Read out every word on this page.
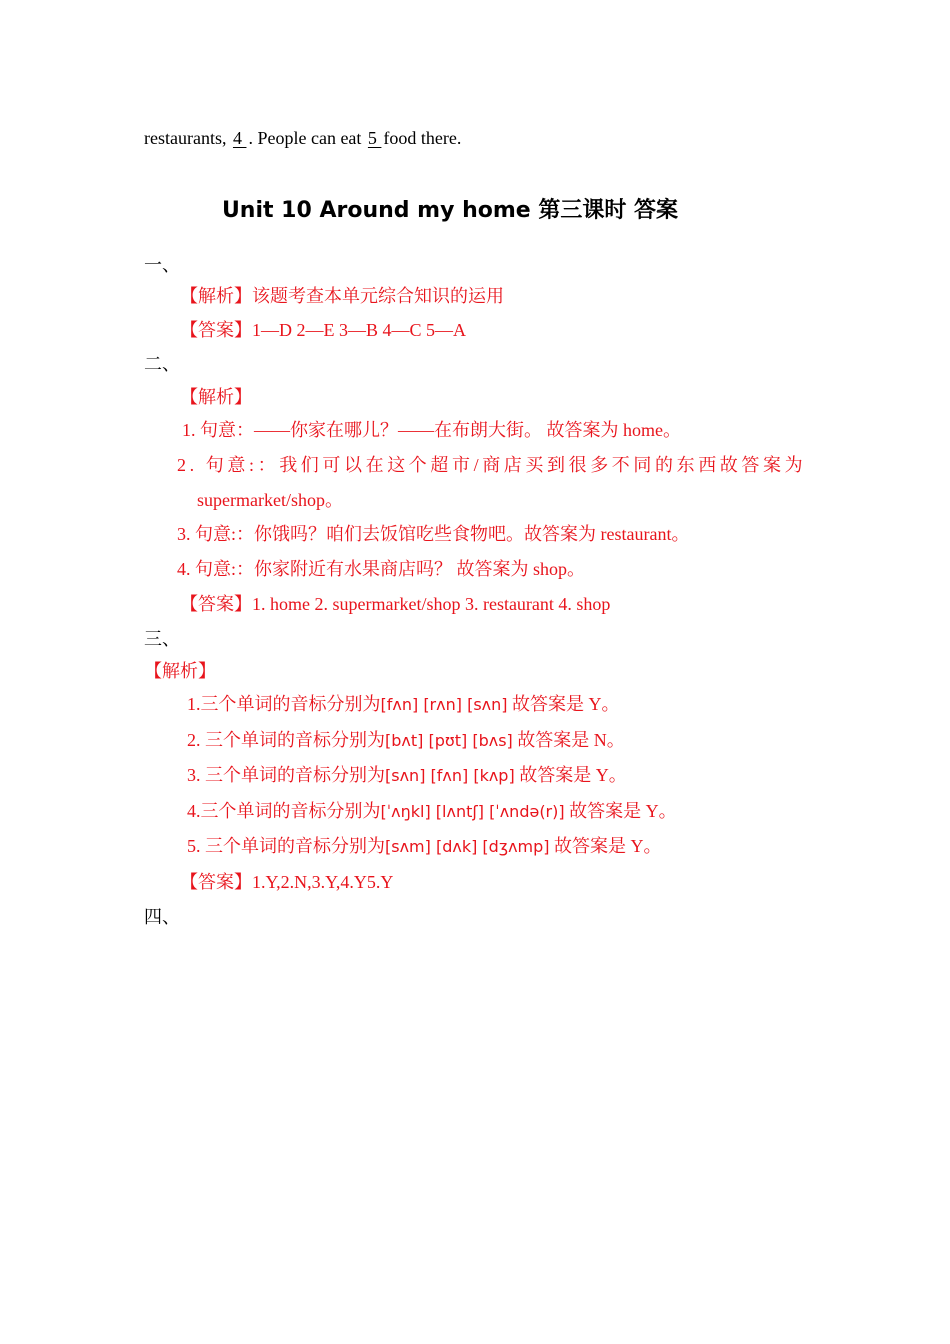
restaurants, 4 . People can eat 5 food there.
Unit 10 Around my home 第三课时 答案
一、
【解析】该题考查本单元综合知识的运用
【答案】1—D 2—E 3—B 4—C 5—A
二、
【解析】
1. 句意：——你家在哪儿？——在布朗大街。 故答案为 home。
2. 句意:：我们可以在这个超市/商店买到很多不同的东西故答案为
supermarket/shop。
3. 句意:：你饿吗？咱们去饭馆吃些食物吧。故答案为 restaurant。
4. 句意:：你家附近有水果商店吗？ 故答案为 shop。
【答案】1. home 2. supermarket/shop 3. restaurant 4. shop
三、
【解析】
1.三个单词的音标分别为[fʌn] [rʌn] [sʌn] 故答案是 Y。
2. 三个单词的音标分别为[bʌt] [pʊt] [bʌs] 故答案是 N。
3. 三个单词的音标分别为[sʌn] [fʌn] [kʌp] 故答案是 Y。
4.三个单词的音标分别为[ˈʌŋkl] [lʌntʃ] [ˈʌndə(r)] 故答案是 Y。
5. 三个单词的音标分别为[sʌm] [dʌk] [dʒʌmp] 故答案是 Y。
【答案】1.Y,2.N,3.Y,4.Y5.Y
四、
